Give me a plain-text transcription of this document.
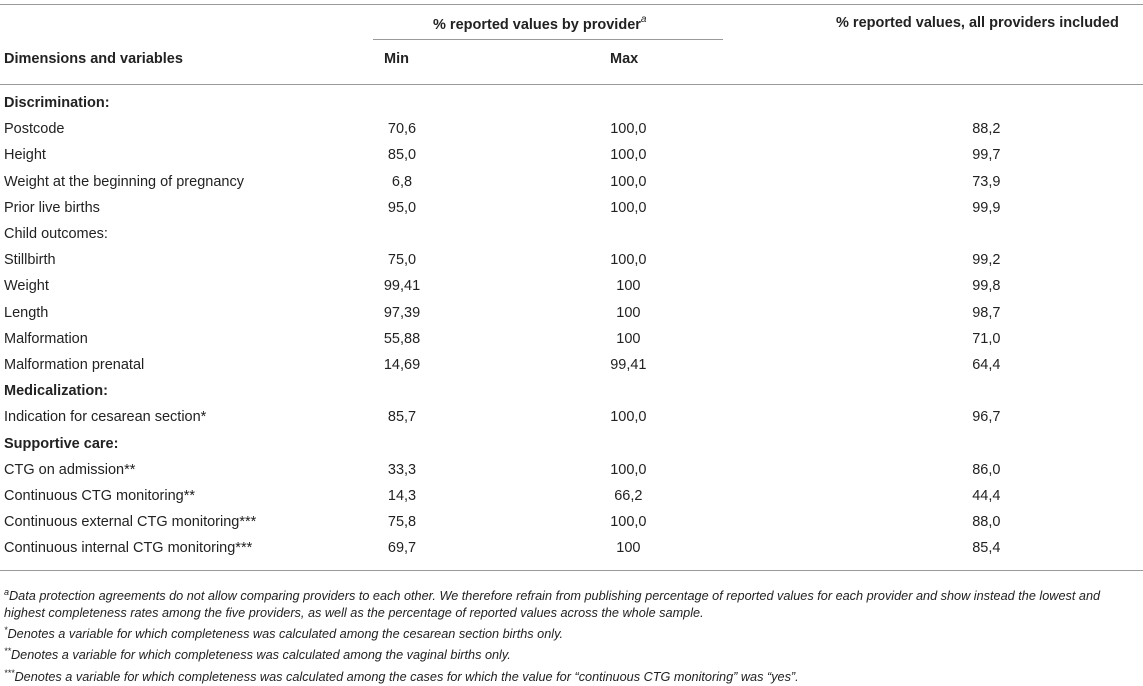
% reported values by provider$^a$	% reported values, all providers included
Dimensions and variables	Min	Max
Discrimination:			
Postcode	70,6	100,0	88,2
Height	85,0	100,0	99,7
Weight at the beginning of pregnancy	6,8	100,0	73,9
Prior live births	95,0	100,0	99,9
Child outcomes:			
Stillbirth	75,0	100,0	99,2
Weight	99,41	100	99,8
Length	97,39	100	98,7
Malformation	55,88	100	71,0
Malformation prenatal	14,69	99,41	64,4
Medicalization:			
Indication for cesarean section*	85,7	100,0	96,7
Supportive care:			
CTG on admission**	33,3	100,0	86,0
Continuous CTG monitoring**	14,3	66,2	44,4
Continuous external CTG monitoring***	75,8	100,0	88,0
Continuous internal CTG monitoring***	69,7	100	85,4

$^a$Data protection agreements do not allow comparing providers to each other. We therefore refrain from publishing percentage of reported values for each provider and show instead the lowest and highest completeness rates among the five providers, as well as the percentage of reported values across the whole sample.

*Denotes a variable for which completeness was calculated among the cesarean section births only.

**Denotes a variable for which completeness was calculated among the vaginal births only.

***Denotes a variable for which completeness was calculated among the cases for which the value for “continuous CTG monitoring” was “yes”.
